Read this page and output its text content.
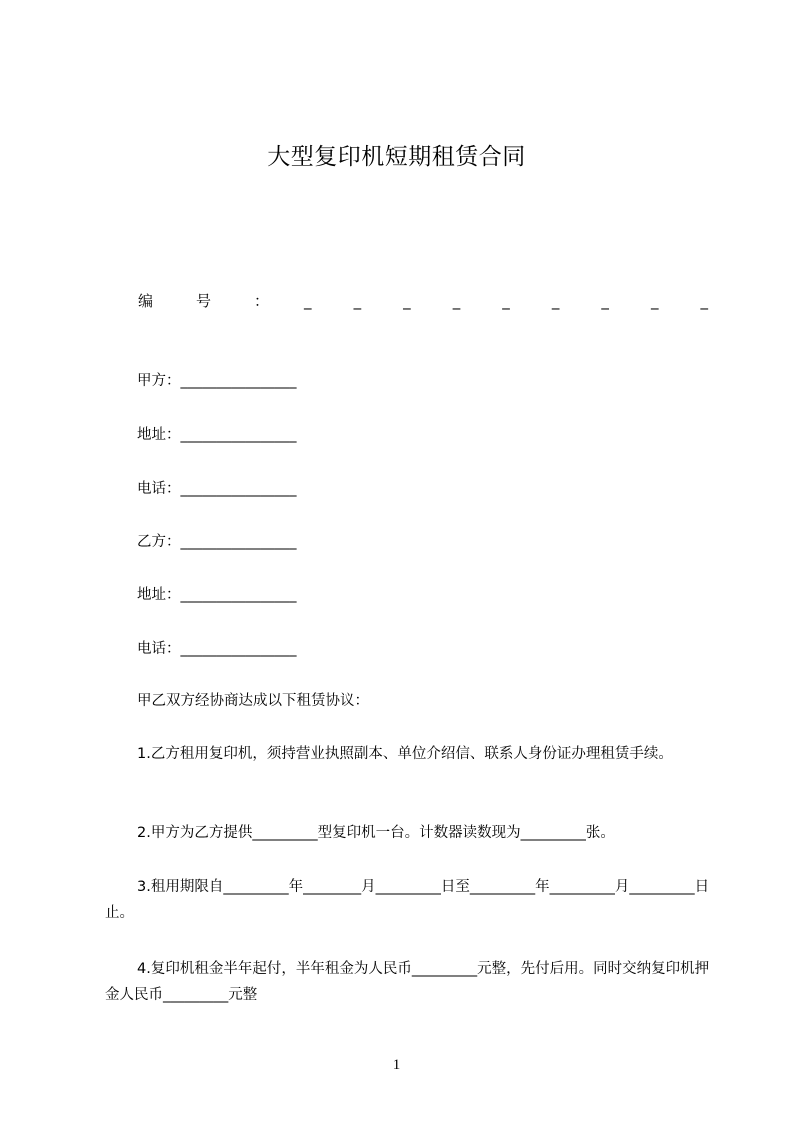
大型复印机短期租赁合同
编	号	： _	_	_	_	_	_	_	_	_
甲方：________________
地址：________________
电话：________________
乙方：________________
地址：________________
电话：________________
甲乙双方经协商达成以下租赁协议：
1.乙方租用复印机，须持营业执照副本、单位介绍信、联系人身份证办理租赁手续。
2.甲方为乙方提供_________型复印机一台。计数器读数现为_________张。
3.租用期限自_________年________月_________日至_________年_________月_________日止。
4.复印机租金半年起付，半年租金为人民币_________元整，先付后用。同时交纳复印机押金人民币_________元整
1
